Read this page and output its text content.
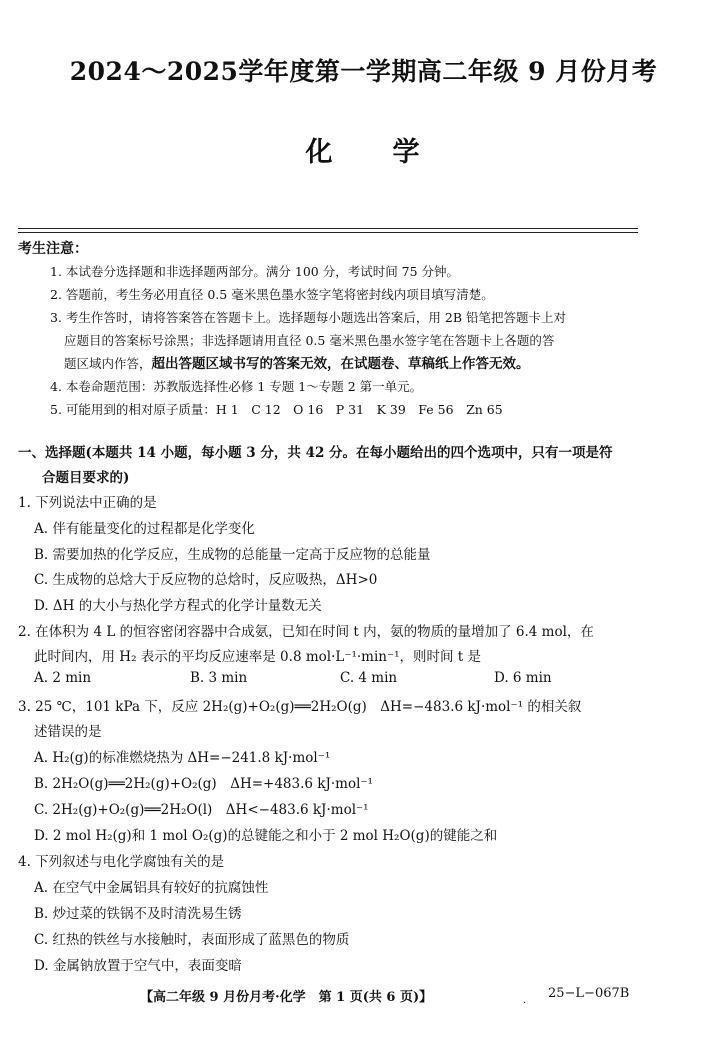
2024～2025学年度第一学期高二年级 9 月份月考
化　　学
考生注意：
1. 本试卷分选择题和非选择题两部分。满分 100 分，考试时间 75 分钟。
2. 答题前，考生务必用直径 0.5 毫米黑色墨水签字笔将密封线内项目填写清楚。
3. 考生作答时，请将答案答在答题卡上。选择题每小题选出答案后，用 2B 铅笔把答题卡上对
应题目的答案标号涂黑；非选择题请用直径 0.5 毫米黑色墨水签字笔在答题卡上各题的答
题区域内作答，超出答题区域书写的答案无效，在试题卷、草稿纸上作答无效。
4. 本卷命题范围：苏教版选择性必修 1 专题 1～专题 2 第一单元。
5. 可能用到的相对原子质量：H 1　C 12　O 16　P 31　K 39　Fe 56　Zn 65
一、选择题(本题共 14 小题，每小题 3 分，共 42 分。在每小题给出的四个选项中，只有一项是符
合题目要求的)
1. 下列说法中正确的是
A. 伴有能量变化的过程都是化学变化
B. 需要加热的化学反应，生成物的总能量一定高于反应物的总能量
C. 生成物的总焓大于反应物的总焓时，反应吸热，ΔH>0
D. ΔH 的大小与热化学方程式的化学计量数无关
2. 在体积为 4 L 的恒容密闭容器中合成氨，已知在时间 t 内，氨的物质的量增加了 6.4 mol，在
此时间内，用 H₂ 表示的平均反应速率是 0.8 mol·L⁻¹·min⁻¹，则时间 t 是
A. 2 min	B. 3 min	C. 4 min	D. 6 min
3. 25 ℃，101 kPa 下，反应 2H₂(g)+O₂(g)══2H₂O(g)　ΔH=−483.6 kJ·mol⁻¹ 的相关叙
述错误的是
A. H₂(g)的标准燃烧热为 ΔH=−241.8 kJ·mol⁻¹
B. 2H₂O(g)══2H₂(g)+O₂(g)　ΔH=+483.6 kJ·mol⁻¹
C. 2H₂(g)+O₂(g)══2H₂O(l)　ΔH<−483.6 kJ·mol⁻¹
D. 2 mol H₂(g)和 1 mol O₂(g)的总键能之和小于 2 mol H₂O(g)的键能之和
4. 下列叙述与电化学腐蚀有关的是
A. 在空气中金属铝具有较好的抗腐蚀性
B. 炒过菜的铁锅不及时清洗易生锈
C. 红热的铁丝与水接触时，表面形成了蓝黑色的物质
D. 金属钠放置于空气中，表面变暗
【高二年级 9 月份月考·化学　第 1 页(共 6 页)】	25−L−067B
·
